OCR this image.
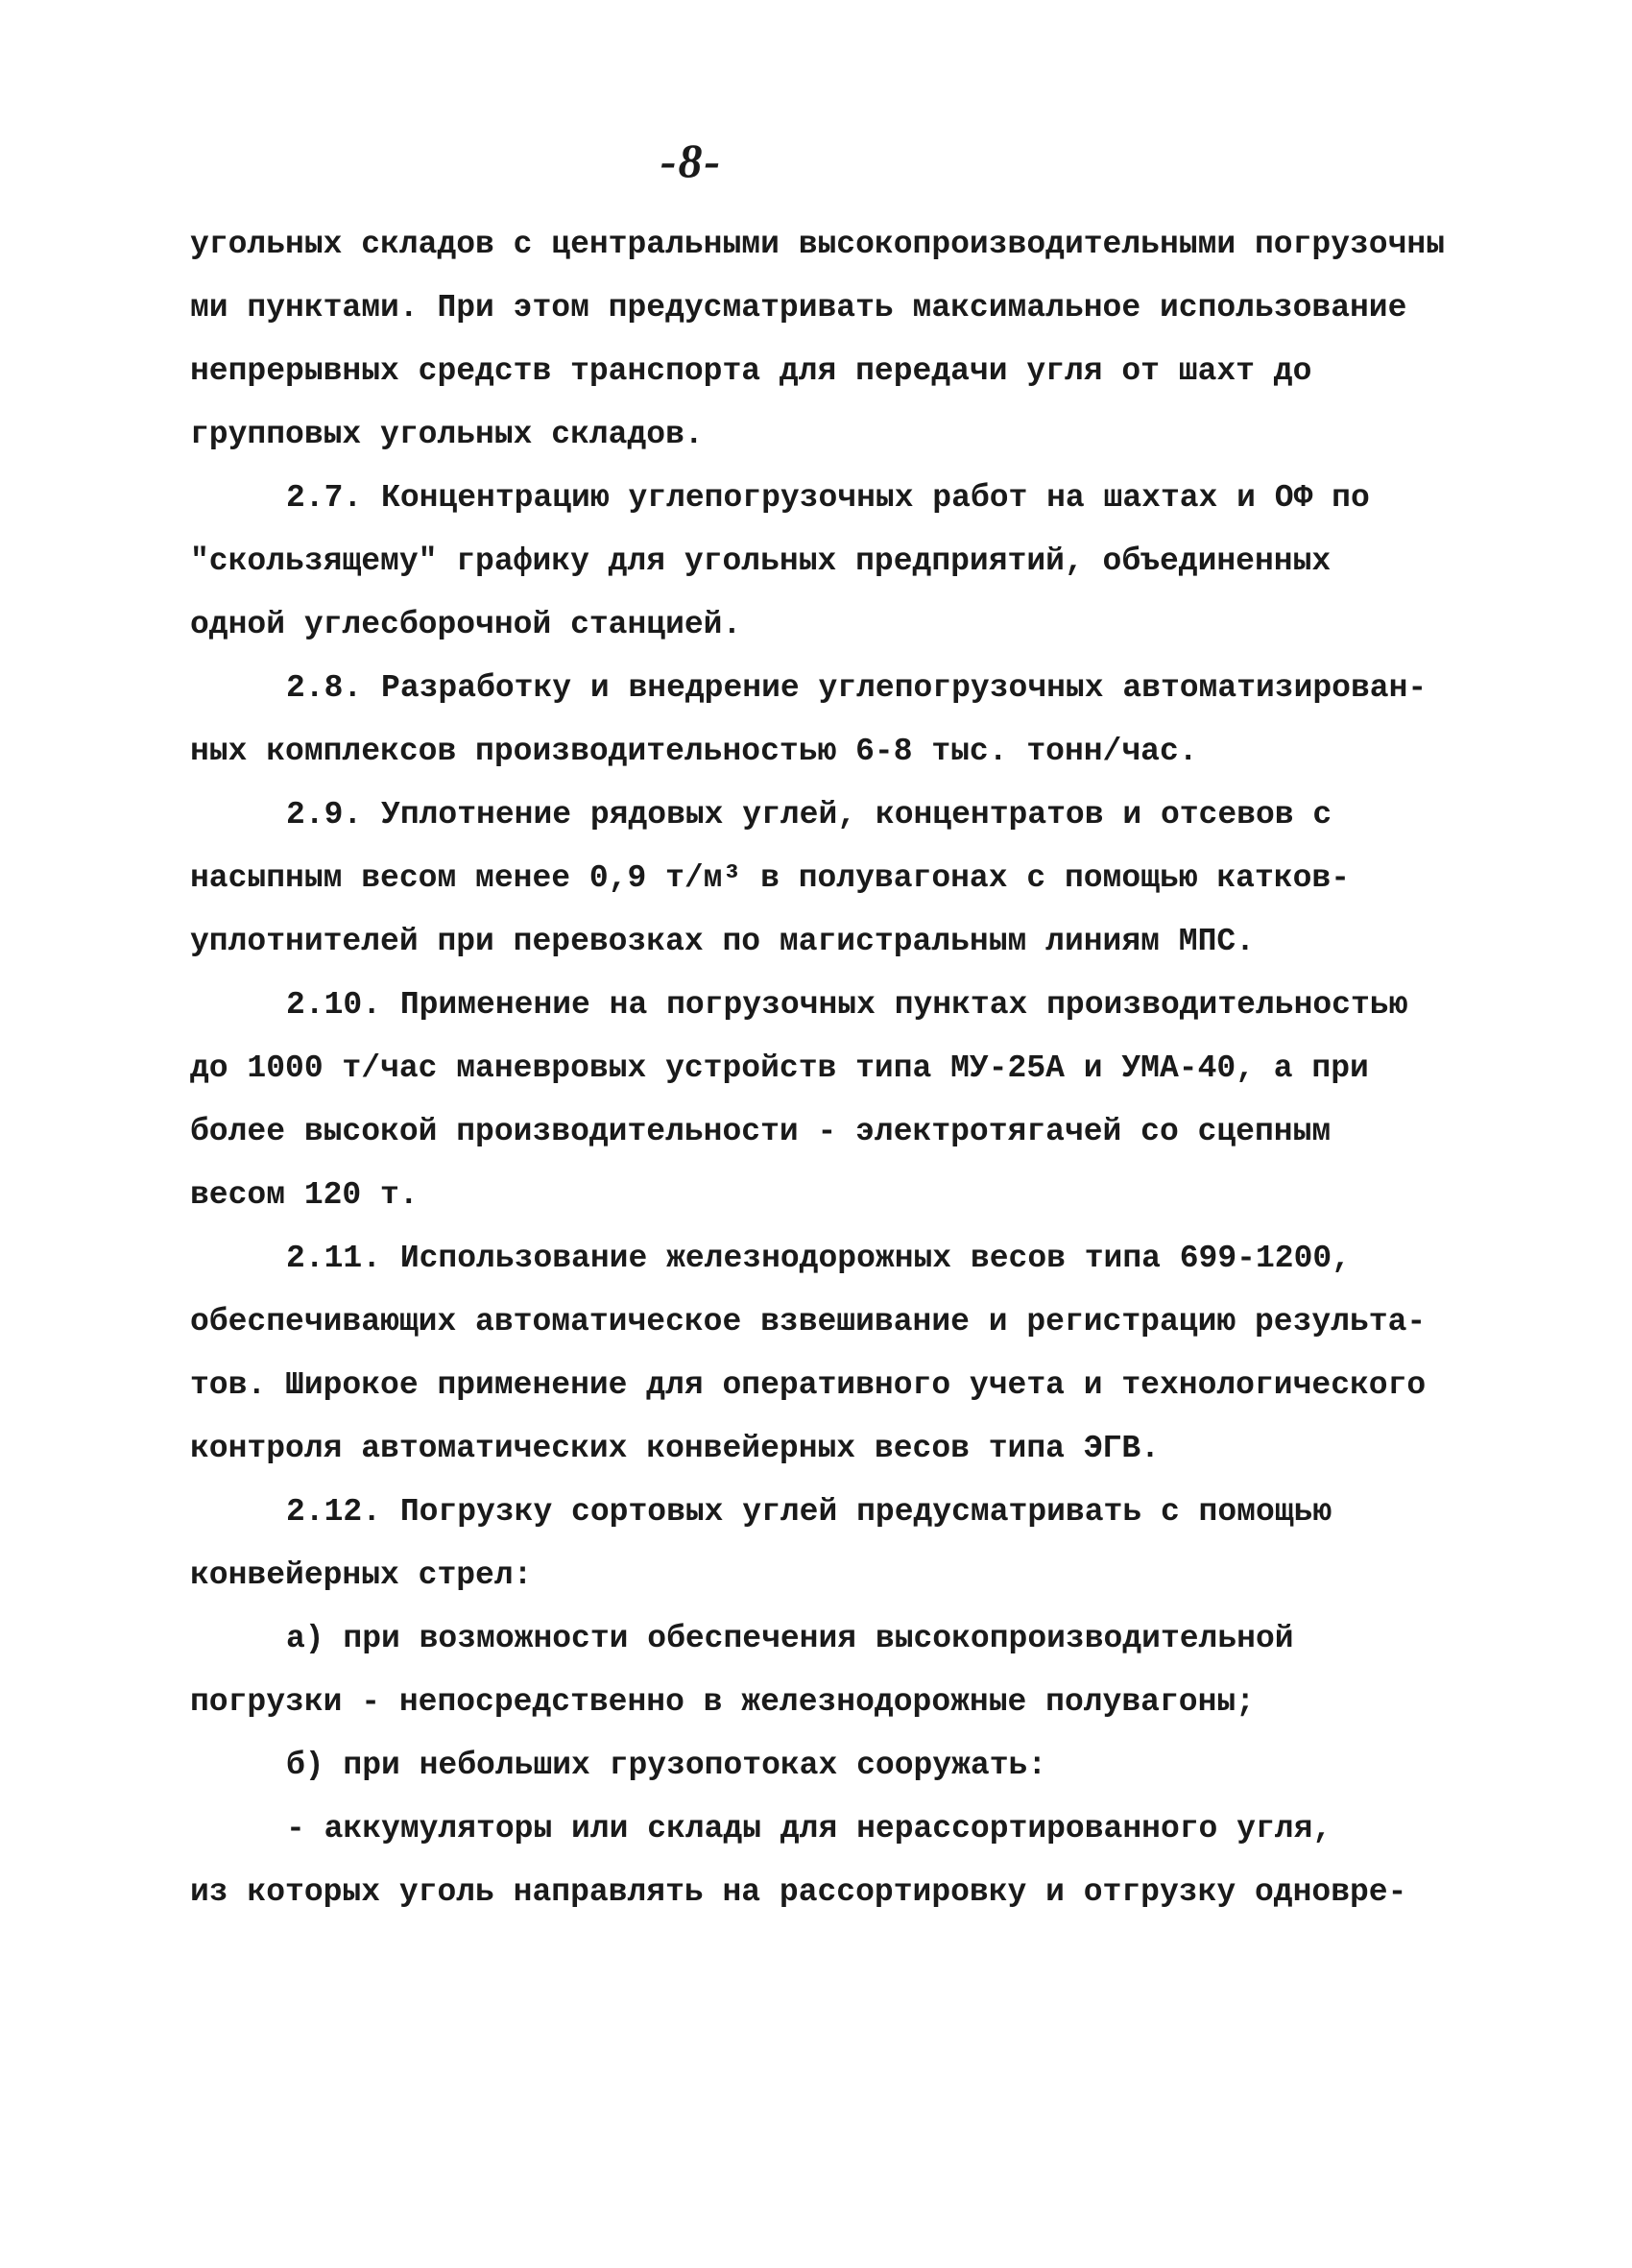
-8-
угольных складов с центральными высокопроизводительными погрузочны
ми пунктами. При этом предусматривать максимальное использование
непрерывных средств транспорта для передачи угля от шахт до
групповых угольных складов.
2.7. Концентрацию углепогрузочных работ на шахтах и ОФ по
"скользящему" графику для угольных предприятий, объединенных
одной углесборочной станцией.
2.8. Разработку и внедрение углепогрузочных автоматизирован-
ных комплексов производительностью 6-8 тыс. тонн/час.
2.9. Уплотнение рядовых углей, концентратов и отсевов с
насыпным весом менее 0,9 т/м³ в полувагонах с помощью катков-
уплотнителей при перевозках по магистральным линиям МПС.
2.10. Применение на погрузочных пунктах производительностью
до 1000 т/час маневровых устройств типа МУ-25А и УМА-40, а при
более высокой производительности - электротягачей со сцепным
весом 120 т.
2.11. Использование железнодорожных весов типа 699-1200,
обеспечивающих автоматическое взвешивание и регистрацию результа-
тов. Широкое применение для оперативного учета и технологического
контроля автоматических конвейерных весов типа ЭГВ.
2.12. Погрузку сортовых углей предусматривать с помощью
конвейерных стрел:
а) при возможности обеспечения высокопроизводительной
погрузки - непосредственно в железнодорожные полувагоны;
б) при небольших грузопотоках сооружать:
- аккумуляторы или склады для нерассортированного угля,
из которых уголь направлять на рассортировку и отгрузку одновре-
